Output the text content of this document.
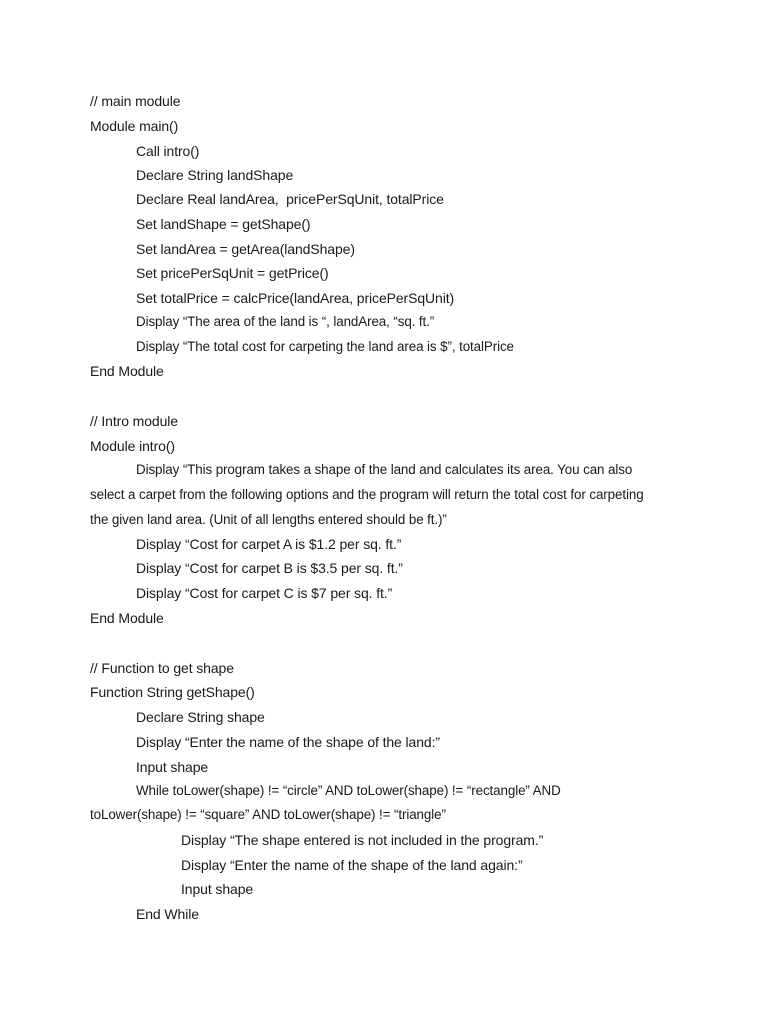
// main module
Module main()
Call intro()
Declare String landShape
Declare Real landArea,  pricePerSqUnit, totalPrice
Set landShape = getShape()
Set landArea = getArea(landShape)
Set pricePerSqUnit = getPrice()
Set totalPrice = calcPrice(landArea, pricePerSqUnit)
Display “The area of the land is “, landArea, “sq. ft.”
Display “The total cost for carpeting the land area is $”, totalPrice
End Module
// Intro module
Module intro()
Display “This program takes a shape of the land and calculates its area. You can also
select a carpet from the following options and the program will return the total cost for carpeting
the given land area. (Unit of all lengths entered should be ft.)”
Display “Cost for carpet A is $1.2 per sq. ft.”
Display “Cost for carpet B is $3.5 per sq. ft.”
Display “Cost for carpet C is $7 per sq. ft.”
End Module
// Function to get shape
Function String getShape()
Declare String shape
Display “Enter the name of the shape of the land:”
Input shape
While toLower(shape) != “circle” AND toLower(shape) != “rectangle” AND
toLower(shape) != “square” AND toLower(shape) != “triangle”
Display “The shape entered is not included in the program.”
Display “Enter the name of the shape of the land again:”
Input shape
End While
